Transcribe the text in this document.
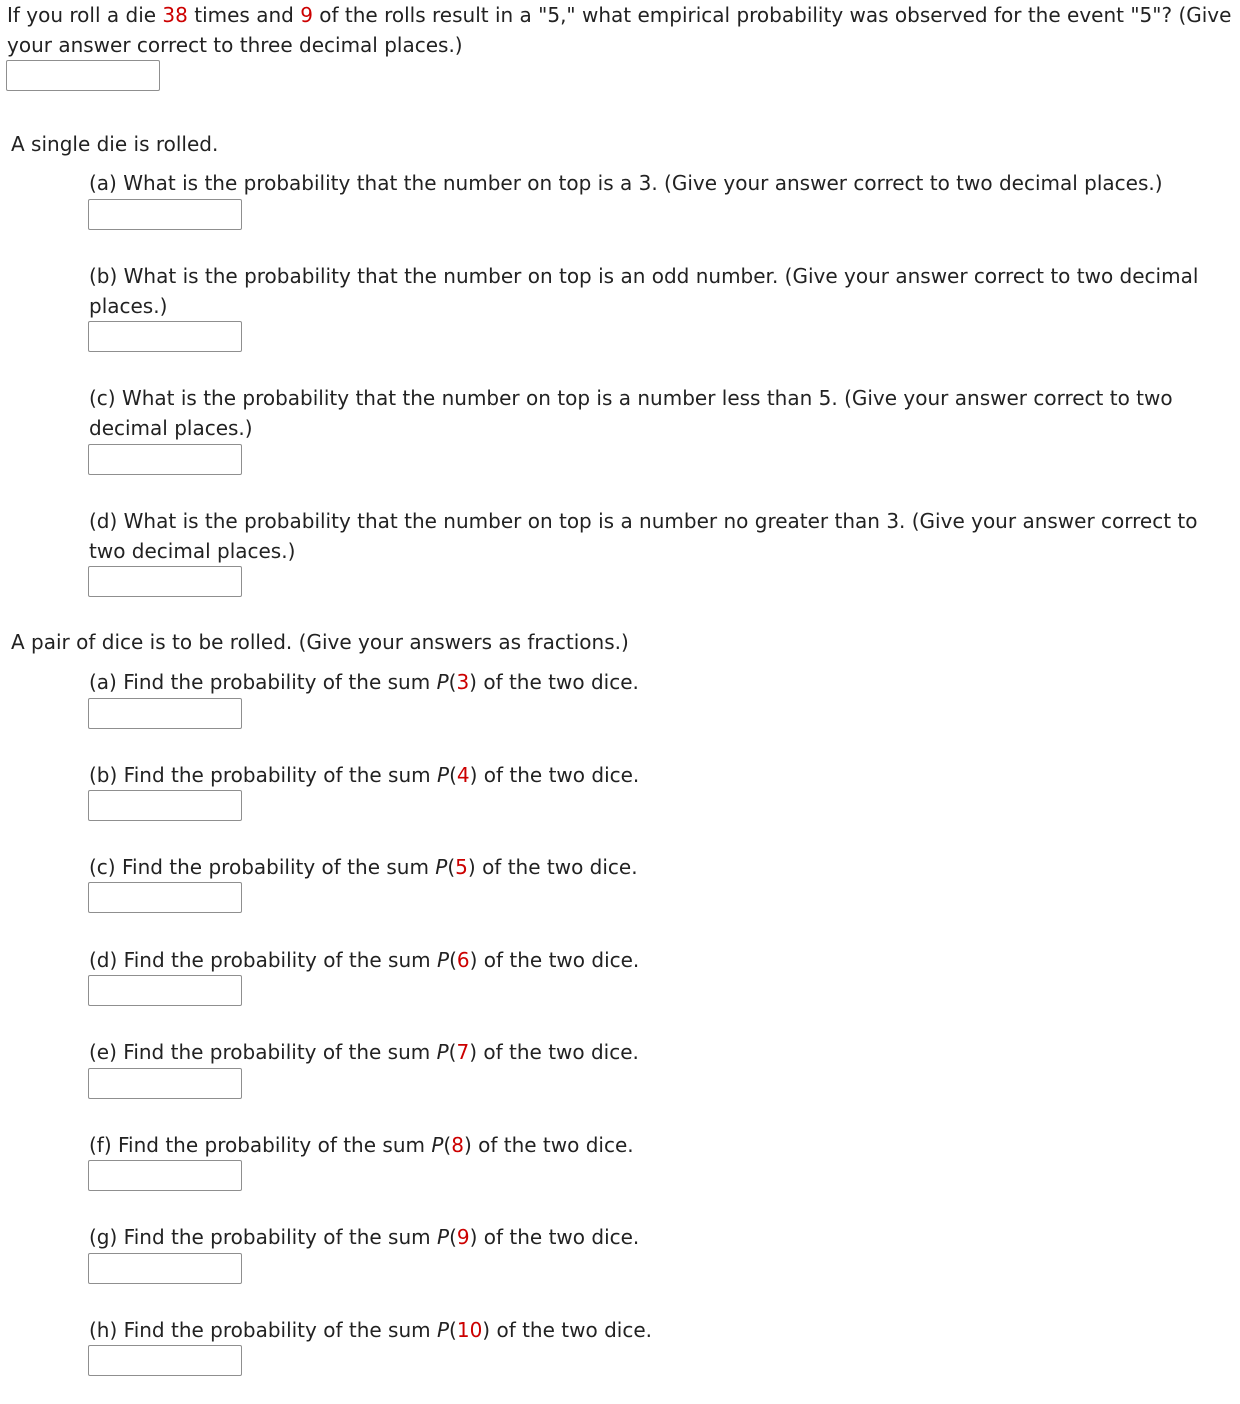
If you roll a die 38 times and 9 of the rolls result in a "5," what empirical probability was observed for the event "5"? (Give your answer correct to three decimal places.)
A single die is rolled.
(a) What is the probability that the number on top is a 3. (Give your answer correct to two decimal places.)
(b) What is the probability that the number on top is an odd number. (Give your answer correct to two decimal places.)
(c) What is the probability that the number on top is a number less than 5. (Give your answer correct to two decimal places.)
(d) What is the probability that the number on top is a number no greater than 3. (Give your answer correct to two decimal places.)
A pair of dice is to be rolled. (Give your answers as fractions.)
(a) Find the probability of the sum P(3) of the two dice.
(b) Find the probability of the sum P(4) of the two dice.
(c) Find the probability of the sum P(5) of the two dice.
(d) Find the probability of the sum P(6) of the two dice.
(e) Find the probability of the sum P(7) of the two dice.
(f) Find the probability of the sum P(8) of the two dice.
(g) Find the probability of the sum P(9) of the two dice.
(h) Find the probability of the sum P(10) of the two dice.
